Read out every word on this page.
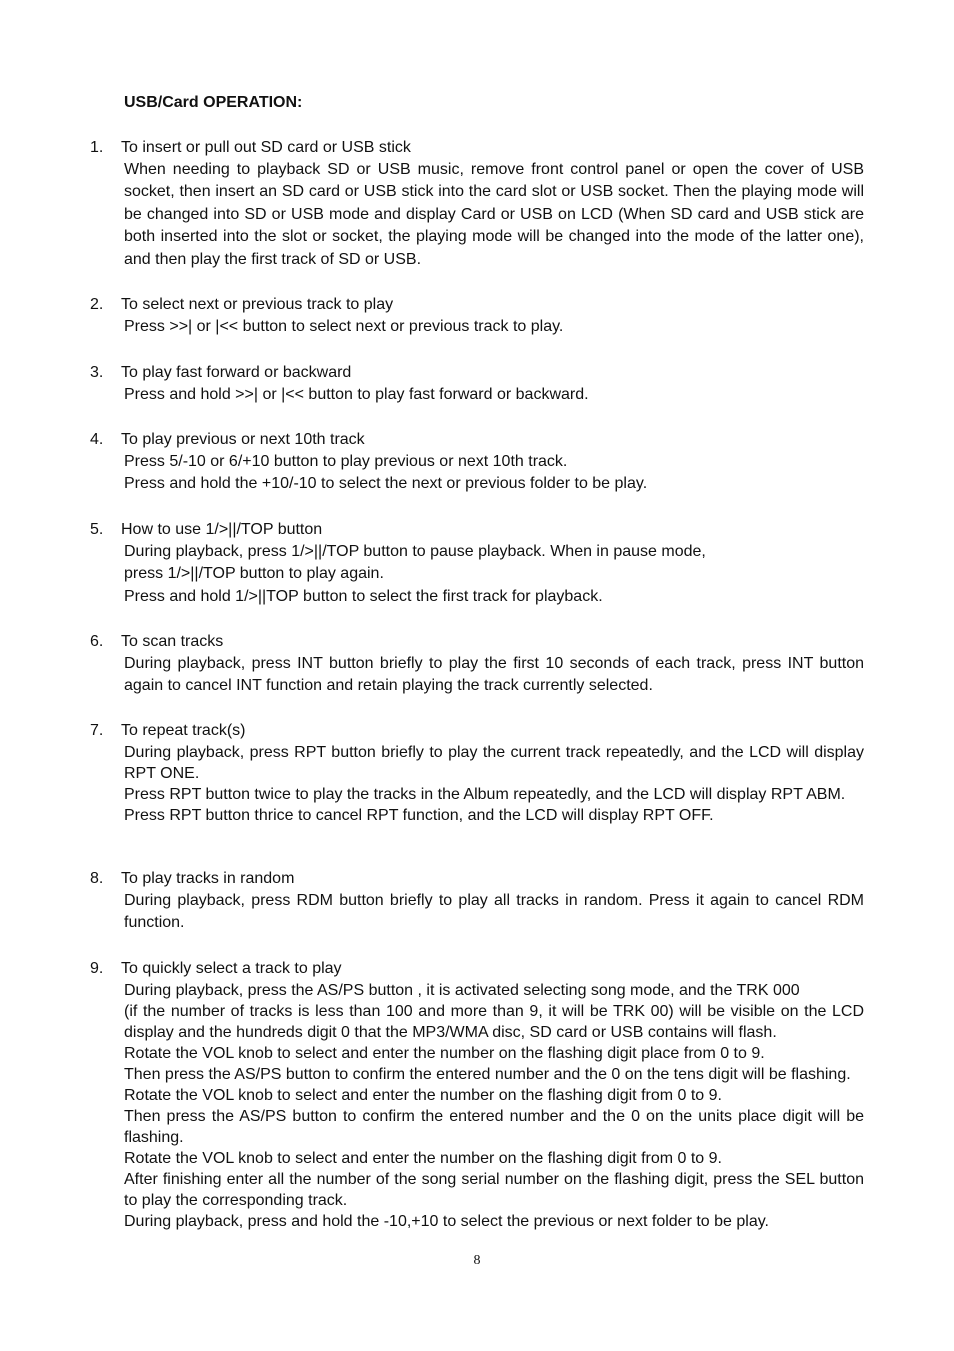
USB/Card OPERATION:
1. To insert or pull out SD card or USB stick

When needing to playback SD or USB music, remove front control panel or open the cover of USB socket, then insert an SD card or USB stick into the card slot or USB socket. Then the playing mode will be changed into SD or USB mode and display Card or USB on LCD (When SD card and USB stick are both inserted into the slot or socket, the playing mode will be changed into the mode of the latter one), and then play the first track of SD or USB.

2. To select next or previous track to play

Press >>| or |<< button to select next or previous track to play.

3. To play fast forward or backward

Press and hold >>| or |<< button to play fast forward or backward.

4. To play previous or next 10th track

Press 5/-10 or 6/+10 button to play previous or next 10th track.

Press and hold the +10/-10 to select the next or previous folder to be play.

5. How to use 1/>||/TOP button

During playback, press 1/>||/TOP button to pause playback. When in pause mode,

press 1/>||/TOP button to play again.

Press and hold 1/>||TOP button to select the first track for playback.

6. To scan tracks

During playback, press INT button briefly to play the first 10 seconds of each track, press INT button again to cancel INT function and retain playing the track currently selected.

7. To repeat track(s)

During playback, press RPT button briefly to play the current track repeatedly, and the LCD will display RPT ONE.

Press RPT button twice to play the tracks in the Album repeatedly, and the LCD will display RPT ABM.

Press RPT button thrice to cancel RPT function, and the LCD will display RPT OFF.

8. To play tracks in random

During playback, press RDM button briefly to play all tracks in random. Press it again to cancel RDM function.

9. To quickly select a track to play

During playback, press the AS/PS button , it is activated selecting song mode, and the TRK 000

(if the number of tracks is less than 100 and more than 9, it will be TRK 00) will be visible on the LCD display and the hundreds digit 0 that the MP3/WMA disc, SD card or USB contains will flash.

Rotate the VOL knob to select and enter the number on the flashing digit place from 0 to 9.

Then press the AS/PS button to confirm the entered number and the 0 on the tens digit will be flashing.

Rotate the VOL knob to select and enter the number on the flashing digit from 0 to 9.

Then press the AS/PS button to confirm the entered number and the 0 on the units place digit will be flashing.

Rotate the VOL knob to select and enter the number on the flashing digit from 0 to 9.

After finishing enter all the number of the song serial number on the flashing digit, press the SEL button to play the corresponding track.

During playback, press and hold the -10,+10 to select the previous or next folder to be play.

8
